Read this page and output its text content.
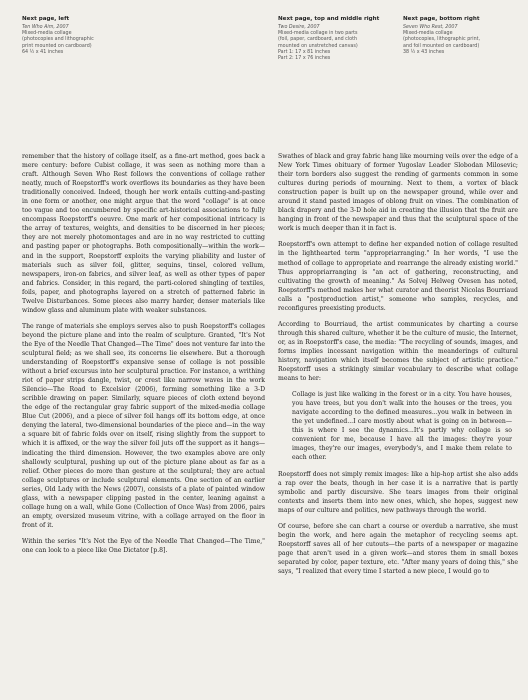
Next page, left
Ten Who Aim, 2007
Mixed-media collage
(photocopies and lithographic
print mounted on cardboard)
64 ½ x 41 inches
Next page, top and middle right
Two Desire, 2007
Mixed-media collage in two parts
(foil, paper, cardboard, and cloth
mounted on unstretched canvas)
Part 1: 17 x 81 inches
Part 2: 17 x 76 inches
Next page, bottom right
Seven Who Rest, 2007
Mixed-media collage
(photocopies, lithographic print,
and foil mounted on cardboard)
38 ½ x 43 inches

remember that the history of collage itself, as a fine-art method, goes back a mere century: before Cubist collage, it was seen as nothing more than a craft. Although Seven Who Rest follows the conventions of collage rather neatly, much of Roepstorff's work overflows its boundaries as they have been traditionally conceived. Indeed, though her work entails cutting-and-pasting in one form or another, one might argue that the word "collage" is at once too vague and too encumbered by specific art-historical associations to fully encompass Roepstorff's oeuvre. One mark of her compositional intricacy is the array of textures, weights, and densities to be discerned in her pieces; they are not merely photomontages and are in no way restricted to cutting and pasting paper or photographs. Both compositionally—within the work—and in the support, Roepstorff exploits the varying pliability and luster of materials such as silver foil, glitter, sequins, tinsel, colored vellum, newspapers, iron-on fabrics, and silver leaf, as well as other types of paper and fabrics. Consider, in this regard, the parti-colored shingling of textiles, foils, paper, and photographs layered on a stretch of patterned fabric in Twelve Disturbances. Some pieces also marry harder, denser materials like window glass and aluminum plate with weaker substances.

The range of materials she employs serves also to push Roepstorff's collages beyond the picture plane and into the realm of sculpture. Granted, "It's Not the Eye of the Needle That Changed—The Time" does not venture far into the sculptural field; as we shall see, its concerns lie elsewhere. But a thorough understanding of Roepstorff's expansive sense of collage is not possible without a brief excursus into her sculptural practice. For instance, a writhing riot of paper strips dangle, twist, or crest like narrow waves in the work Silencio—The Road to Excelsior (2006), forming something like a 3-D scribble drawing on paper. Similarly, square pieces of cloth extend beyond the edge of the rectangular gray fabric support of the mixed-media collage Blue Cut (2006), and a piece of silver foil hangs off its bottom edge, at once denying the lateral, two-dimensional boundaries of the piece and—in the way a square bit of fabric folds over on itself, rising slightly from the support to which it is affixed, or the way the silver foil juts off the support as it hangs—indicating the third dimension. However, the two examples above are only shallowly sculptural, pushing up out of the picture plane about as far as a relief. Other pieces do more than gesture at the sculptural; they are actual collage sculptures or include sculptural elements. One section of an earlier series, Old Lady with the News (2007), consists of a plate of painted window glass, with a newspaper clipping pasted in the center, leaning against a collage hung on a wall, while Gone (Collection of Once Was) from 2006, pairs an empty, oversized museum vitrine, with a collage arrayed on the floor in front of it.

Within the series "It's Not the Eye of the Needle That Changed—The Time," one can look to a piece like One Dictator [p.8].

Swathes of black and gray fabric hang like mourning veils over the edge of a New York Times obituary of former Yugoslav Leader Slobodan Milosevic; their torn borders also suggest the rending of garments common in some cultures during periods of mourning. Next to them, a vortex of black construction paper is built up on the newspaper ground, while over and around it stand pasted images of oblong fruit on vines. The combination of black drapery and the 3-D hole aid in creating the illusion that the fruit are hanging in front of the newspaper and thus that the sculptural space of the work is much deeper than it in fact is.

Roepstorff's own attempt to define her expanded notion of collage resulted in the lighthearted term "appropriarranging." In her words, "I use the method of collage to appropriate and rearrange the already existing world." Thus appropriarranging is "an act of gathering, reconstructing, and cultivating the growth of meaning." As Solvej Helweg Ovesen has noted, Roepstorff's method makes her what curator and theorist Nicolas Bourriaud calls a "postproduction artist," someone who samples, recycles, and reconfigures preexisting products.

According to Bourriaud, the artist communicates by charting a course through this shared culture, whether it be the culture of music, the Internet, or, as in Roepstorff's case, the media: "The recycling of sounds, images, and forms implies incessant navigation within the meanderings of cultural history, navigation which itself becomes the subject of artistic practice." Roepstorff uses a strikingly similar vocabulary to describe what collage means to her:

Collage is just like walking in the forest or in a city. You have houses, you have trees, but you don't walk into the houses or the trees, you navigate according to the defined measures...you walk in between in the yet undefined...I care mostly about what is going on in between—this is where I see the dynamics...It's partly why collage is so convenient for me, because I have all the images: they're your images, they're our images, everybody's, and I make them relate to each other.

Roepstorff does not simply remix images: like a hip-hop artist she also adds a rap over the beats, though in her case it is a narrative that is partly symbolic and partly discursive. She tears images from their original contexts and inserts them into new ones, which, she hopes, suggest new maps of our culture and politics, new pathways through the world.

Of course, before she can chart a course or overdub a narrative, she must begin the work, and here again the metaphor of recycling seems apt. Roepstorff saves all of her cutouts—the parts of a newspaper or magazine page that aren't used in a given work—and stores them in small boxes separated by color, paper texture, etc. "After many years of doing this," she says, "I realized that every time I started a new piece, I would go to
